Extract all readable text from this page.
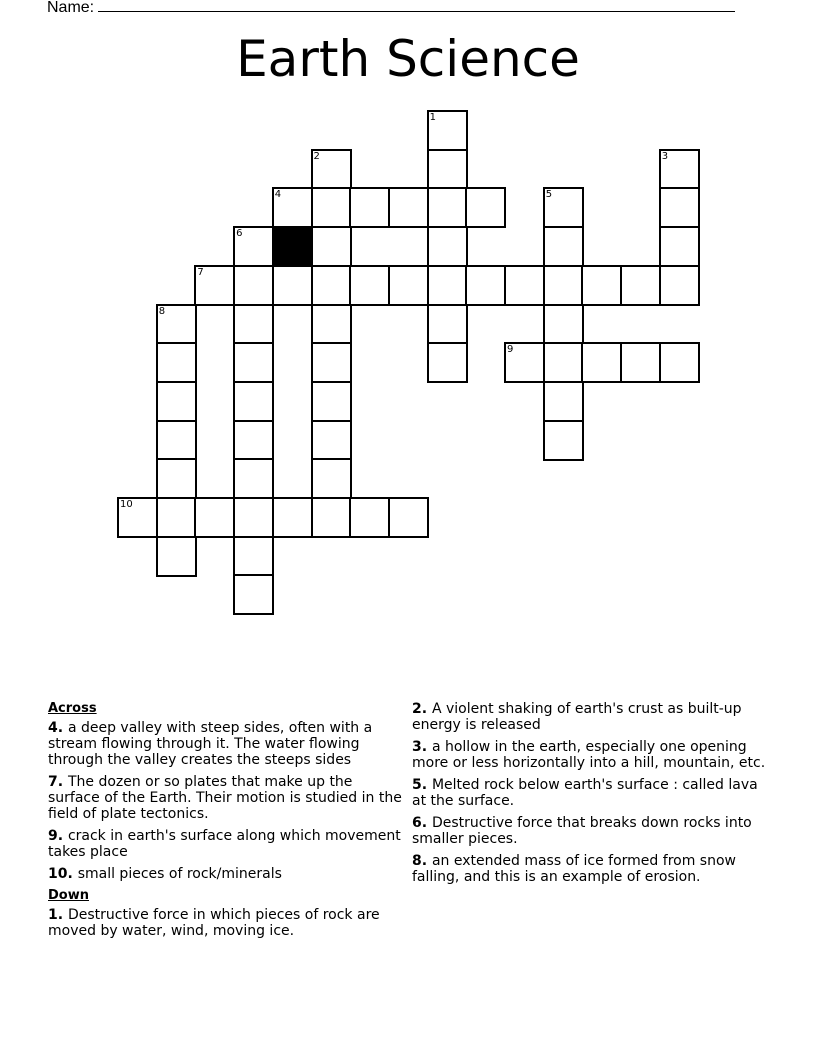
Name:
Earth Science
1
2	3
4	5
6
7
8
9
10
Across
4. a deep valley with steep sides, often with a stream flowing through it. The water flowing through the valley creates the steeps sides
7. The dozen or so plates that make up the surface of the Earth. Their motion is studied in the field of plate tectonics.
9. crack in earth's surface along which movement takes place
10. small pieces of rock/minerals
Down
1. Destructive force in which pieces of rock are moved by water, wind, moving ice.
2. A violent shaking of earth's crust as built-up energy is released
3. a hollow in the earth, especially one opening more or less horizontally into a hill, mountain, etc.
5. Melted rock below earth's surface : called lava at the surface.
6. Destructive force that breaks down rocks into smaller pieces.
8. an extended mass of ice formed from snow falling, and this is an example of erosion.
